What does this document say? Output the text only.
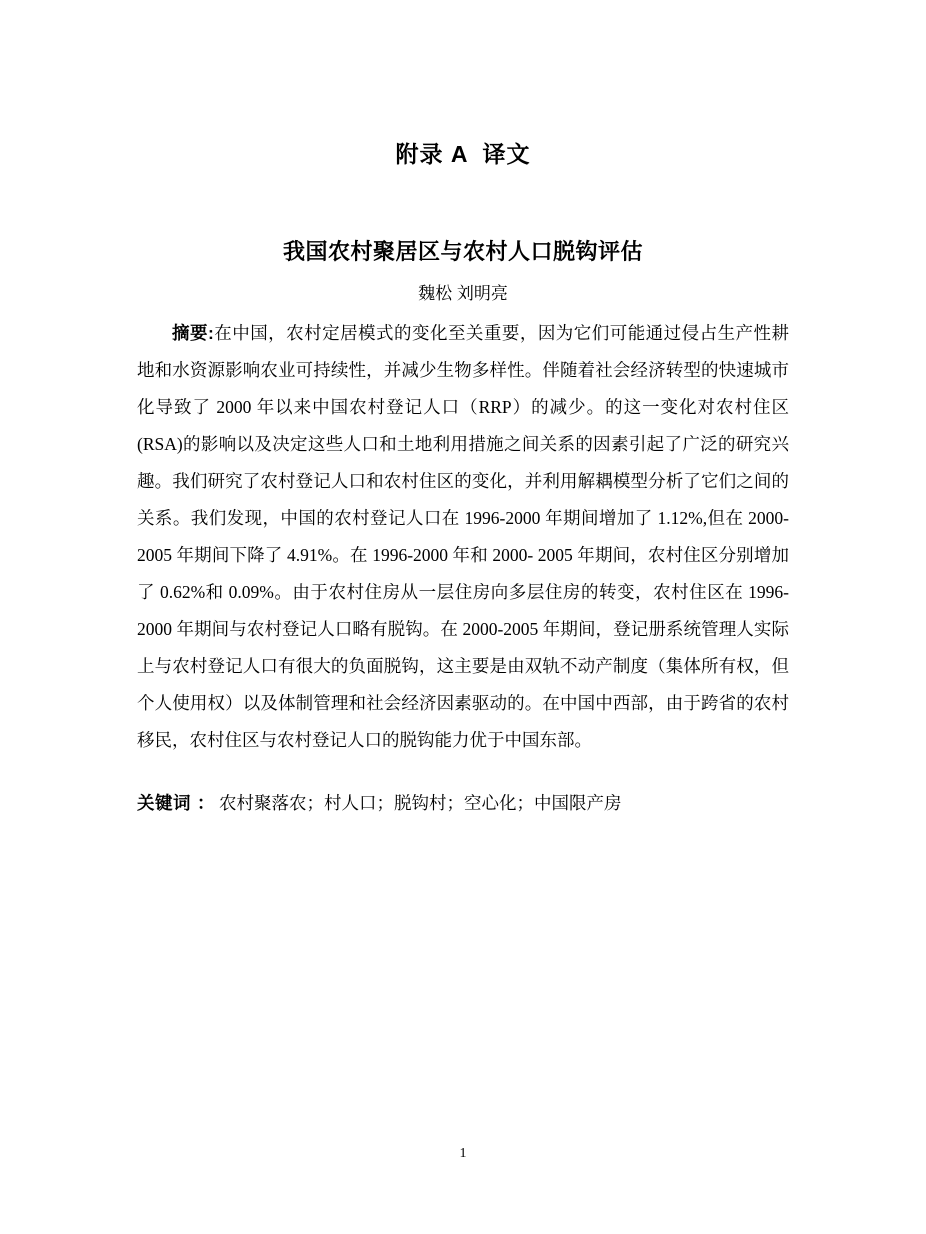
附录 A  译文
我国农村聚居区与农村人口脱钩评估
魏松 刘明亮

摘要:在中国，农村定居模式的变化至关重要，因为它们可能通过侵占生产性耕地和水资源影响农业可持续性，并减少生物多样性。伴随着社会经济转型的快速城市化导致了 2000 年以来中国农村登记人口（RRP）的减少。的这一变化对农村住区(RSA)的影响以及决定这些人口和土地利用措施之间关系的因素引起了广泛的研究兴趣。我们研究了农村登记人口和农村住区的变化，并利用解耦模型分析了它们之间的关系。我们发现，中国的农村登记人口在 1996-2000 年期间增加了 1.12%,但在 2000-2005 年期间下降了 4.91%。在 1996-2000 年和 2000- 2005 年期间，农村住区分别增加了 0.62%和 0.09%。由于农村住房从一层住房向多层住房的转变，农村住区在 1996- 2000 年期间与农村登记人口略有脱钩。在 2000-2005 年期间，登记册系统管理人实际上与农村登记人口有很大的负面脱钩，这主要是由双轨不动产制度（集体所有权，但个人使用权）以及体制管理和社会经济因素驱动的。在中国中西部，由于跨省的农村移民，农村住区与农村登记人口的脱钩能力优于中国东部。

关键词 ： 农村聚落农；村人口；脱钩村；空心化；中国限产房

1
